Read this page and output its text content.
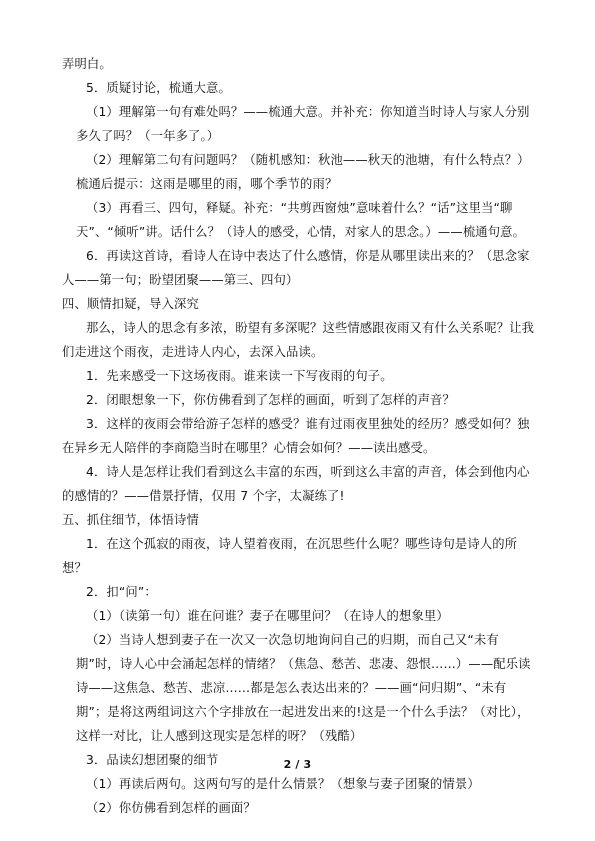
弄明白。

5．质疑讨论，梳通大意。

（1）理解第一句有难处吗？——梳通大意。并补充：你知道当时诗人与家人分别多久了吗？（一年多了。）

（2）理解第二句有问题吗？（随机感知：秋池——秋天的池塘，有什么特点？）梳通后提示：这雨是哪里的雨，哪个季节的雨？

（3）再看三、四句，释疑。补充：“共剪西窗烛”意味着什么？“话”这里当“聊天”、“倾听”讲。话什么？（诗人的感受，心情，对家人的思念。）——梳通句意。

6．再读这首诗，看诗人在诗中表达了什么感情，你是从哪里读出来的？（思念家人——第一句；盼望团聚——第三、四句）

四、顺情扣疑，导入深究

那么，诗人的思念有多浓，盼望有多深呢？这些情感跟夜雨又有什么关系呢？让我们走进这个雨夜，走进诗人内心，去深入品读。

1．先来感受一下这场夜雨。谁来读一下写夜雨的句子。

2．闭眼想象一下，你仿佛看到了怎样的画面，听到了怎样的声音？

3．这样的夜雨会带给游子怎样的感受？谁有过雨夜里独处的经历？感受如何？独在异乡无人陪伴的李商隐当时在哪里？心情会如何？——读出感受。

4．诗人是怎样让我们看到这么丰富的东西，听到这么丰富的声音，体会到他内心的感情的？——借景抒情，仅用 7 个字，太凝练了!

五、抓住细节，体悟诗情

1．在这个孤寂的雨夜，诗人望着夜雨，在沉思些什么呢？哪些诗句是诗人的所想？

2．扣“问”：

（1）（读第一句）谁在问谁？妻子在哪里问？（在诗人的想象里）

（2）当诗人想到妻子在一次又一次急切地询问自己的归期，而自己又“未有期”时，诗人心中会涌起怎样的情绪？（焦急、愁苦、悲凄、怨恨……）——配乐读诗——这焦急、愁苦、悲凉……都是怎么表达出来的？——画“问归期”、“未有期”；是将这两组词这六个字排放在一起进发出来的!这是一个什么手法？（对比），这样一对比，让人感到这现实是怎样的呀？（残酷）

3．品读幻想团聚的细节

（1）再读后两句。这两句写的是什么情景？（想象与妻子团聚的情景）

（2）你仿佛看到怎样的画面？

2 / 3
